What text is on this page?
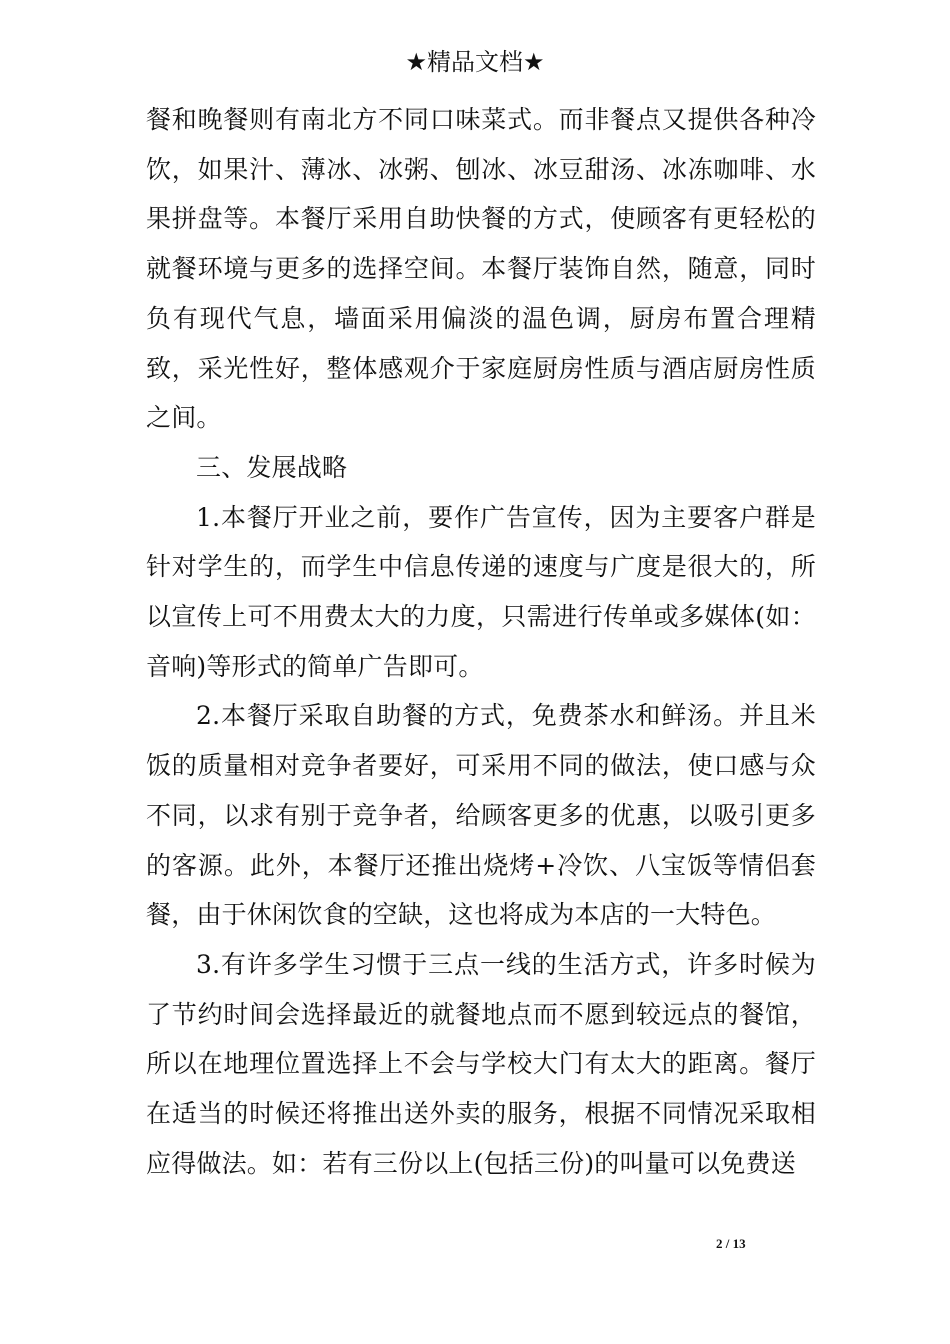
★精品文档★

餐和晚餐则有南北方不同口味菜式。而非餐点又提供各种冷饮，如果汁、薄冰、冰粥、刨冰、冰豆甜汤、冰冻咖啡、水果拼盘等。本餐厅采用自助快餐的方式，使顾客有更轻松的就餐环境与更多的选择空间。本餐厅装饰自然，随意，同时负有现代气息，墙面采用偏淡的温色调，厨房布置合理精致，采光性好，整体感观介于家庭厨房性质与酒店厨房性质之间。

三、发展战略

1.本餐厅开业之前，要作广告宣传，因为主要客户群是针对学生的，而学生中信息传递的速度与广度是很大的，所以宣传上可不用费太大的力度，只需进行传单或多媒体(如：音响)等形式的简单广告即可。

2.本餐厅采取自助餐的方式，免费茶水和鲜汤。并且米饭的质量相对竞争者要好，可采用不同的做法，使口感与众不同，以求有别于竞争者，给顾客更多的优惠，以吸引更多的客源。此外，本餐厅还推出烧烤+冷饮、八宝饭等情侣套餐，由于休闲饮食的空缺，这也将成为本店的一大特色。

3.有许多学生习惯于三点一线的生活方式，许多时候为了节约时间会选择最近的就餐地点而不愿到较远点的餐馆，所以在地理位置选择上不会与学校大门有太大的距离。餐厅在适当的时候还将推出送外卖的服务，根据不同情况采取相应得做法。如：若有三份以上(包括三份)的叫量可以免费送

2 / 13
